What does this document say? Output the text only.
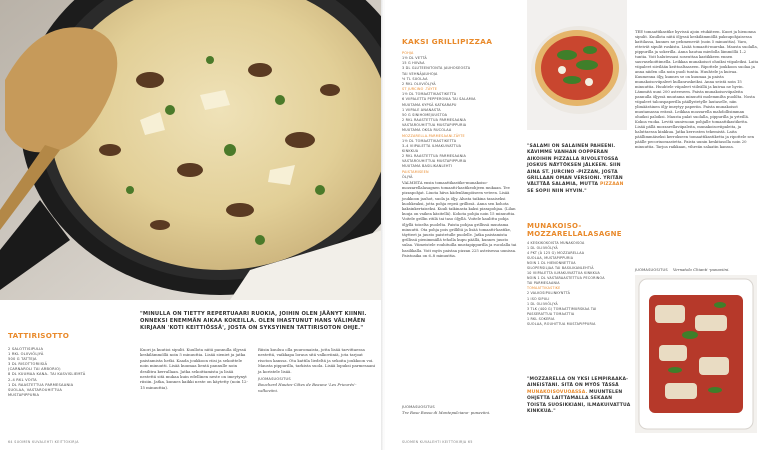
TATTIRISOTTO
"MINULLA ON TIETTY REPERTUAARI RUOKIA, JOIHIN OLEN JÄÄNYT KIINNI. ONNEKSI ENEMMÄN AIKAA KOKEILLA. OLEN IHASTUNUT HANS VÄLIMÄEN KIRJAAN 'KOTI KEITTIÖSSÄ', JOSTA ON SYKSYINEN TATTIRISOTON OHJE."
2 SALOTTISIPULIA
1 RKL OLIIVIÖLJYÄ
500 G TATTEJA
3 DL RISOTTORIISIÄ
(CARNAROLI TAI ARBORIO)
8 DL KUUMAA KANA- TAI KASVISLIEMTÄ
2–4 RKL VOITA
1 DL RAASTETTUA PARMESAANIA
SUOLAA, VASTAROUHITTUA
MUSTAPIPPURIA
Kuori ja kuutioi sipulit. Kuullota niitä pannulla öljyssä keskilämmöllä noin 5 minuuttia. Lisää sieniet ja jatka paistamista hetki. Kaada joukkoon riisi ja sekoittele noin minuutti. Lisää kuumaa lientä pannulle noin desilitra kerrallaan. Jatka sekoittamista ja lisää nestettä sitä mukaa kuin edellinen neste on imeytynyt riisiin. Jatka, kunnes kaikki neste on käytetty (noin 12-15 minuuttia).
Riisin kuuluu olla puuromaista, jotta lisää tarvittaessa nestettä, vaikkapa loraus sitä valkoviiniä, jota tarjoat risoton kanssa. Ota kattila liedeltä ja sekoita joukkoon voi. Mausta pippurilla, tarkista suola. Lisää lopuksi parmesaani ja koristele lisää.
JUOMASUOSITUS
Bouchard Hautes-Côtes de Beaune 'Les Prieurés'-valkoviini.
64 SUOMEN KUVALEHTI KEITTOKIRJA
KAKSI GRILLIPIZZAA
POHJA
1½ DL VETTÄ
15 G HIIVAA
3 DL GLUTEENITONTA JAUHOSEOSTA
TAI VEHNÄJAUHOJA
½ TL SUOLAA
2 RKL OLIIVIÖLJYÄ
ST JURCINO -TÄYTE
1½ DL TOMAATTIKASTIKETTA
6 VIIPALETTA PEPPERONIA TAI SALAMIA
MUUTAMA KYPSÄ KATKARAPU
1 VIIPALE ANANASTA
50 G SINIHOMEJUUSTOA
2 RKL RAASTETTUA PARMESAANIA
VASTAROUHITTUA MUSTAPIPPURIA
MUUTAMA OKSA RUCOLAA
MOZZARELLA-PARMESAANI-TÄYTE
1½ DL TOMAATTIKASTIKETTA
3–4 VIIPALETTA ILMAKUIVATTUA
KINKKUA
2 RKL RAASTETTUA PARMESAANIA
VASTAROUHITTUA MUSTAPIPPURIA
MUUTAMA BASILIKANLEHTI
PAISTAMISEEN
ÖLJYÄ
VALMISTA ensin tomaattikastike-munakoiso-mozzarellalasagnen tomaatti-kastikeohjeen mukaan. Tee pizzapohjat. Liuota hiiva kädenlämpöiseen veteen. Lisää joukkoon jauhot, suola ja öljy. Alusta taikina tasaiseksi kuohkeaksi, jotta pohja repeä grillissä. Anna sen kohota kaksinkertaiseksi. Kuuli taikinasta kaksi pizzapohjaa. (Lilan kuuja on vaikea käsitellä). Kohota pohjia noin 15 minuuttia. Voitele grillin ritilä tai taso öljyllä. Voitele kaulittu pohja öljyllä toiselta puolelta. Paista pohjaa grillissä muutama minuutti. Ota pohja pois grilliltä ja lisää tomaatti-kastike, täytteet ja juusto paistetulle puolelle. Jatka paistamista grillissä pienimmällä teholla kupu päällä, kunnes juusto sulaa. Viimeistele rouhituilla mustapippurilla ja rucolalla tai basilikalla. Voit myös paistaa pizzan 225 asteisessa uunissa. Paistoaika on 6–8 minuuttia.
JUOMASUOSITUS
Tre Rose Rosso di Montepulciano- punaviini.
"SALAMI ON SALAINEN PAHEENI. KÄVIMME VANHAN OOPPERAN AIKOIHIN PIZZALLA RIVOLETOSSA JOSKUS NÄYTÖKSEN JÄLKEEN. SIIN AINA ST. JURCINO -PIZZAN, JOSTA GRILLAAN OMAN VERSIONI. YRITÄN VÄLTTÄÄ SALAMIA, MUTTA PIZZAAN SE SOPII NIIN HYVIN."
MUNAKOISO-MOZZARELLALASAGNE
4 KESKIKOKOISTA MUNAKOISOA
1 DL OLIIVIÖLJYÄ
4 PKT (À 125 G) MOZZARELLAA
SUOLAA, MUSTAPIPPURIA
NOIN 1 DL HIENONNETTUA
SILOPERSILJAA TAI BASILIKANLEHTIÄ
10 VIIPALETTA ILMAKUIVATTUA KINKKUA
NOIN 1 DL VASTARAASTETTUA PECORINOA
TAI PARMESAANIA
TOMAATTIKASTIKE
2 VALKOSIPULINKYNTTÄ
1 ISO SIPULI
1 DL OLIIVIÖLJYÄ
3 TLK (400 G) TOMAATTIMURSKAA TAI
PASSERATTUA TOMAATTIA
1 RKL SOKERIA
SUOLAA, ROUHITTUA MUSTAPIPPURIA
"MOZZARELLA ON YKSI LEMPIRAAKA-AINEISTANI. SITÄ ON MYÖS TÄSSÄ MUNAKOISOVUOASSA. MUUNTELEN OHJETTA LAITTAMALLA SEKAAN TOISTA SUOSIKKIANI, ILMAKUIVATTUA KINKKUA."
TEE tomaattikastike hyvissä ajoin etukäteen. Kuori ja hienonna sipulit. Kuullota niitä öljyssä keskilämmöllä paksupohjaisessa kattilassa, kunnes ne pehmenevät (noin 5 minuuttia). Varo, etteivät sipulit ruskistu. Lisää tomaatti-murska. Mausta suolalla, pippurilla ja sokerilla. Anna hautua miedolla lämmöllä 1–2 tuntia. Voit halutessasi soseuttaa kastikkeen ennen sauvasekoittimella. Leikkaa munakoisot ohuiksi viipaleiksi. Laita viipaleet siivilään keittoaltaaseen. Ripottele joukkoon suolaa ja anna niiden olla noin puoli tuntia. Huuhtele ja kuivaa. Kuumenna öljy, kunnes se on kuumaa ja paista munakoisoviipaleet kullanruskeiksi. Anna seistä noin 15 minuuttia. Huuhtele viipaleet viileällä ja kuivaa ne hyvin. Lämmitä uuni 200 asteeseen. Paista munakoisoviipaleita pannulla öljyssä muutama minuutti molemmilta puolilta. Nosta viipaleet talouspaperilla päällystetylle lautaselle, niin ylimääräinen öljy imeytyy paperiin. Paista munakoisot muutamassa erässä. Leikkaa mozzarella mahdollisimman ohuiksi paloiksi. Mausta palat suolalla, pippurilla ja yrteillä. Kokoa vuoka. Levitä uunivuoan pohjalle tomaattikastiketta. Lisää pällä mozzarellaviipaleita, munakoisoviipaleita, ja haluttaessa kinkkua. Jatka kerrosten tekemistä. Laita päällimmäiseksi kerrokseen tomaattikastiketta ja ripottele sen päälle pecorinoraastetta. Paista uunin keskitasolla noin 20 minuuttia. Tarjoa raikkaan, vihreän salaatin kanssa.
JUOMASUOSITUS Vernatolo Chianti -punaviini.
SUOMEN KUVALEHTI KEITTOKIRJA 65
